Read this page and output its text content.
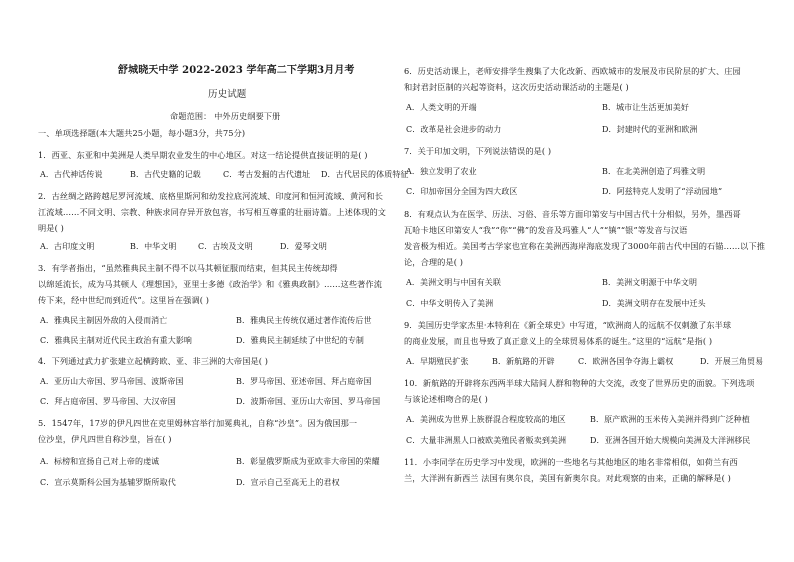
舒城晓天中学 2022-2023 学年高二下学期3月月考
历史试题
命题范围： 中外历史纲要下册
一、单项选择题(本大题共25小题，每小题3分，共75分)
1．西亚、东亚和中美洲是人类早期农业发生的中心地区。对这一结论提供直接证明的是( )
A．古代神话传说	B．古代史籍的记载	C．考古发掘的古代遗址 D．古代居民的体质特征
2．古丝绸之路跨越尼罗河流域、底格里斯河和幼发拉底河流域、印度河和恒河流域、黄河和长
江流域……不同文明、宗教、种族求同存异开放包容，书写相互尊重的壮丽诗篇。上述体现的文
明是( )
A．古印度文明	B．中华文明	C．古埃及文明	D．爱琴文明
3．有学者指出，“虽然雅典民主制不得不以马其顿征服而结束，但其民主传统却得
以绵延流长，成为马其顿人《理想国》，亚里士多德《政治学》和《雅典政制》……这些著作流
传下来，经中世纪而到近代”。这里旨在强调( )
A．雅典民主制因外敌的入侵而消亡	B．雅典民主传统仅通过著作流传后世
C．雅典民主制对近代民主政治有重大影响	D．雅典民主制延续了中世纪的专制
4．下列通过武力扩张建立起横跨欧、亚、非三洲的大帝国是( )
A．亚历山大帝国、罗马帝国、波斯帝国	B．罗马帝国、亚述帝国、拜占庭帝国
C．拜占庭帝国、罗马帝国、大汉帝国	D．波斯帝国、亚历山大帝国、罗马帝国
5．1547年，17岁的伊凡四世在克里姆林宫举行加冕典礼，自称“沙皇”。因为俄国那一
位沙皇，伊凡四世自称沙皇，旨在( )
A．标榜和宣扬自己对上帝的虔诚	B．彰显俄罗斯成为亚欧非大帝国的荣耀
C．宣示莫斯科公国为基辅罗斯所取代	D．宣示自己至高无上的君权
6．历史活动课上，老师安排学生搜集了大化改新、西欧城市的发展及市民阶层的扩大、庄园
和封君封臣制的兴起等资料，这次历史活动课活动的主题是( )
A．人类文明的开端	B．城市让生活更加美好
C．改革是社会进步的动力	D．封建时代的亚洲和欧洲
7．关于印加文明，下列说法错误的是( )
A．独立发明了农业	B．在北美洲创造了玛雅文明
C．印加帝国分全国为四大政区	D．阿兹特克人发明了“浮动园地”
8．有观点认为在医学、历法、习俗、音乐等方面印第安与中国古代十分相似，另外，墨西哥
瓦哈卡地区印第安人“我”“你”“佛”的发音及玛雅人“人”“镇”“银”等发音与汉语
发音极为相近。美国考古学家也宣称在美洲西海岸海底发现了3000年前古代中国的石锚……以下推
论，合理的是( )
A．美洲文明与中国有关联	B．美洲文明源于中华文明
C．中华文明传入了美洲	D．美洲文明存在发展中迁头
9．美国历史学家杰里·本特利在《新全球史》中写道，“欧洲商人的远航不仅刺激了东半球
的商业发展，而且也导致了真正意义上的全球贸易体系的诞生。”这里的“远航”是指( )
A．早期殖民扩张	B．新航路的开辟	C．欧洲各国争夺海上霸权	D．开展三角贸易
10．新航路的开辟将东西两半球大陆间人群和物种的大交流，改变了世界历史的面貌。下列选项
与该论述相吻合的是( )
A．美洲成为世界上族群混合程度较高的地区	B．原产欧洲的玉米传入美洲并得到广泛种植
C．大量非洲黑人口被欧美殖民者贩卖到美洲	D．亚洲各国开始大规模向美洲及大洋洲移民
11．小李同学在历史学习中发现，欧洲的一些地名与其他地区的地名非常相似，如荷兰有西
兰，大洋洲有新西兰 法国有奥尔良，美国有新奥尔良。对此观察的由来，正确的解释是( )
